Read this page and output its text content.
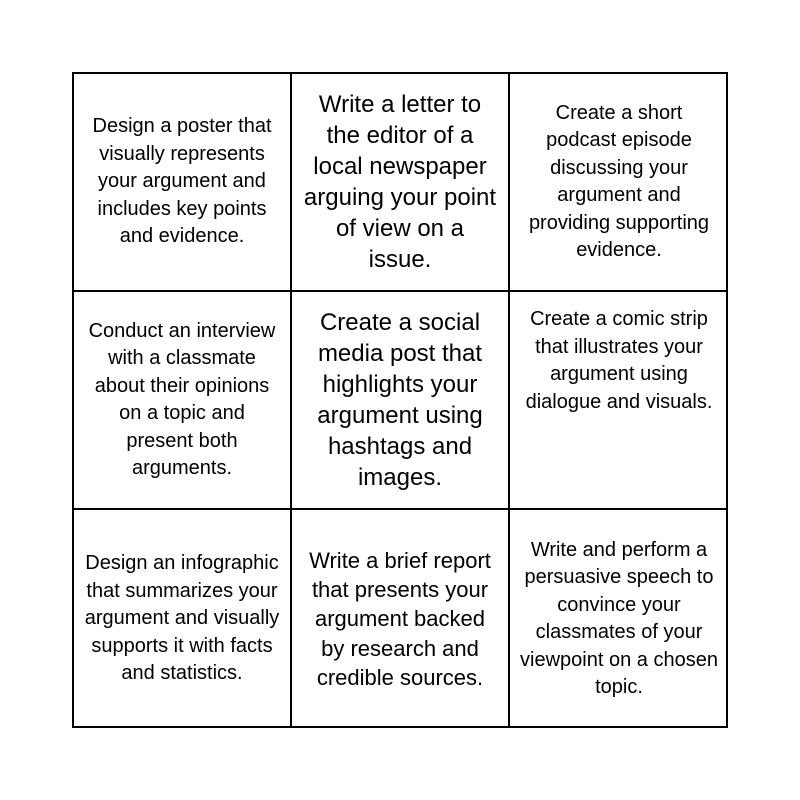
Design a poster that visually represents your argument and includes key points and evidence.
Write a letter to the editor of a local newspaper arguing your point of view on a issue.
Create a short podcast episode discussing your argument and providing supporting evidence.
Conduct an interview with a classmate about their opinions on a topic and present both arguments.
Create a social media post that highlights your argument using hashtags and images.
Create a comic strip that illustrates your argument using dialogue and visuals.
Design an infographic that summarizes your argument and visually supports it with facts and statistics.
Write a brief report that presents your argument backed by research and credible sources.
Write and perform a persuasive speech to convince your classmates of your viewpoint on a chosen topic.
